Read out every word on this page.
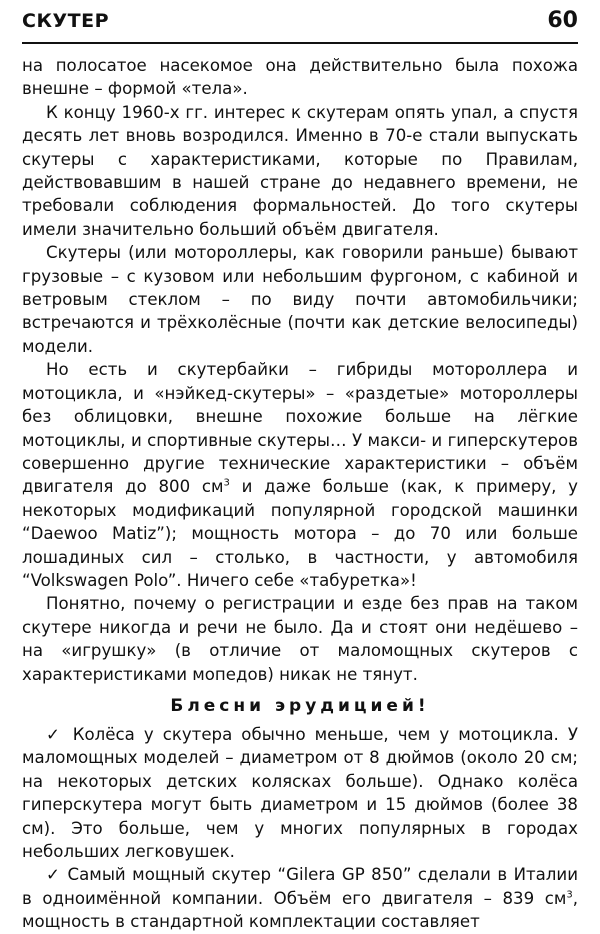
СКУТЕР	60

на полосатое насекомое она действительно была похожа внешне – формой «тела».

К концу 1960-х гг. интерес к скутерам опять упал, а спустя десять лет вновь возродился. Именно в 70-е стали выпускать скутеры с характеристиками, которые по Правилам, действовавшим в нашей стране до недавнего времени, не требовали соблюдения формальностей. До того скутеры имели значительно больший объём двигателя.

Скутеры (или мотороллеры, как говорили раньше) бывают грузовые – с кузовом или небольшим фургоном, с кабиной и ветровым стеклом – по виду почти автомобильчики; встречаются и трёхколёсные (почти как детские велосипеды) модели.

Но есть и скутербайки – гибриды мотороллера и мотоцикла, и «нэйкед-скутеры» – «раздетые» мотороллеры без облицовки, внешне похожие больше на лёгкие мотоциклы, и спортивные скутеры… У макси- и гиперскутеров совершенно другие технические характеристики – объём двигателя до 800 $см^3$ и даже больше (как, к примеру, у некоторых модификаций популярной городской машинки “Daewoo Matiz”); мощность мотора – до 70 или больше лошадиных сил – столько, в частности, у автомобиля “Volkswagen Polo”. Ничего себе «табуретка»!

Понятно, почему о регистрации и езде без прав на таком скутере никогда и речи не было. Да и стоят они недёшево – на «игрушку» (в отличие от маломощных скутеров с характеристиками мопедов) никак не тянут.

Блесни эрудицией!

✓ Колёса у скутера обычно меньше, чем у мотоцикла. У маломощных моделей – диаметром от 8 дюймов (около 20 см; на некоторых детских колясках больше). Однако колёса гиперскутера могут быть диаметром и 15 дюймов (более 38 см). Это больше, чем у многих популярных в городах небольших легковушек.

✓ Самый мощный скутер “Gilera GP 850” сделали в Италии в одноимённой компании. Объём его двигателя – 839 $см^3$, мощность в стандартной комплектации составляет
